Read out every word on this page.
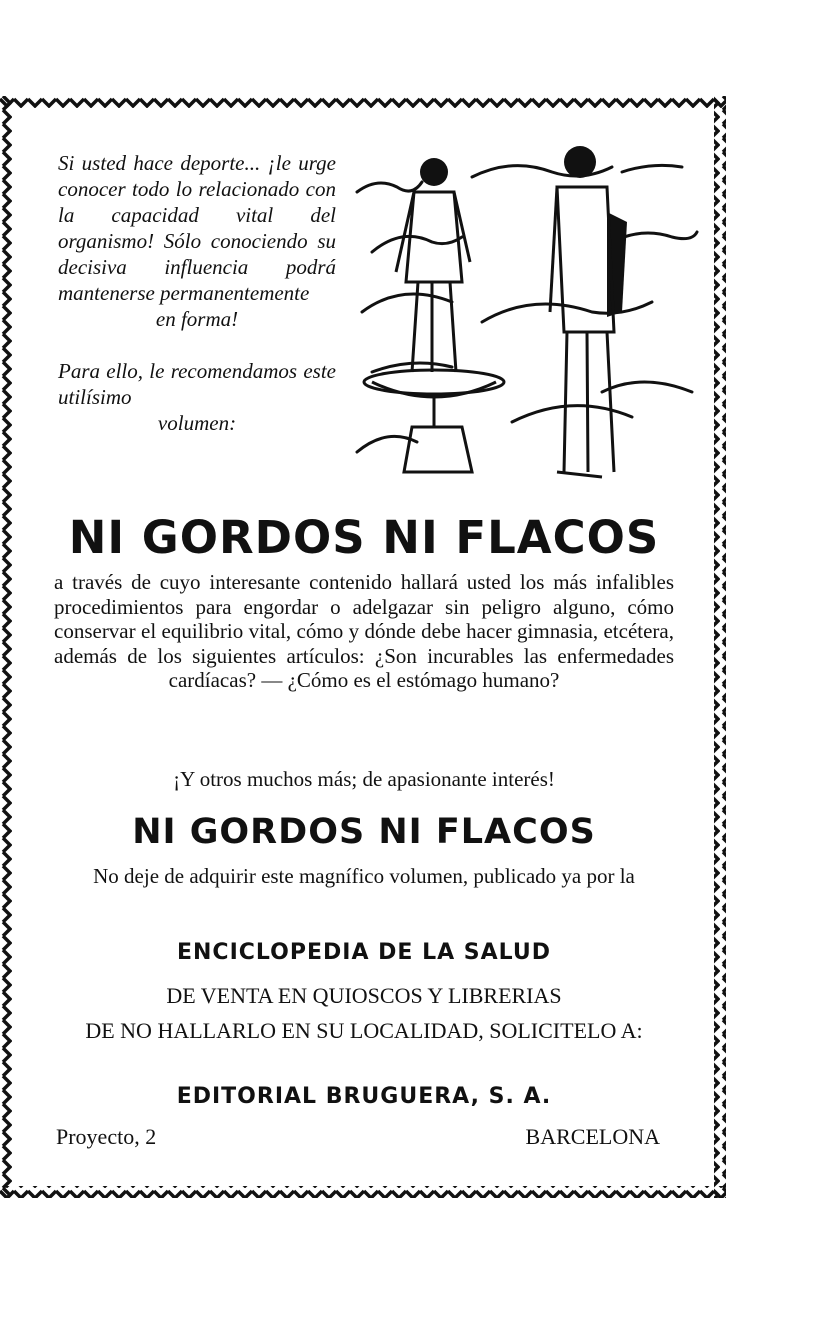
Si usted hace deporte... ¡le urge conocer todo lo relacionado con la capacidad vital del organismo! Sólo conociendo su decisiva influencia podrá mantenerse permanentemente

en forma!

Para ello, le recomendamos este utilísimo

volumen:

NI GORDOS NI FLACOS

a través de cuyo interesante contenido hallará usted los más infalibles procedimientos para engordar o adelgazar sin peligro alguno, cómo conservar el equilibrio vital, cómo y dónde debe hacer gimnasia, etcétera, además de los siguientes artículos: ¿Son incurables las enfermedades cardíacas? — ¿Cómo es el estómago humano?

¡Y otros muchos más; de apasionante interés!

NI GORDOS NI FLACOS

No deje de adquirir este magnífico volumen, publicado ya por la

ENCICLOPEDIA DE LA SALUD

DE VENTA EN QUIOSCOS Y LIBRERIAS

DE NO HALLARLO EN SU LOCALIDAD, SOLICITELO A:

EDITORIAL BRUGUERA, S. A.

Proyecto, 2	BARCELONA
